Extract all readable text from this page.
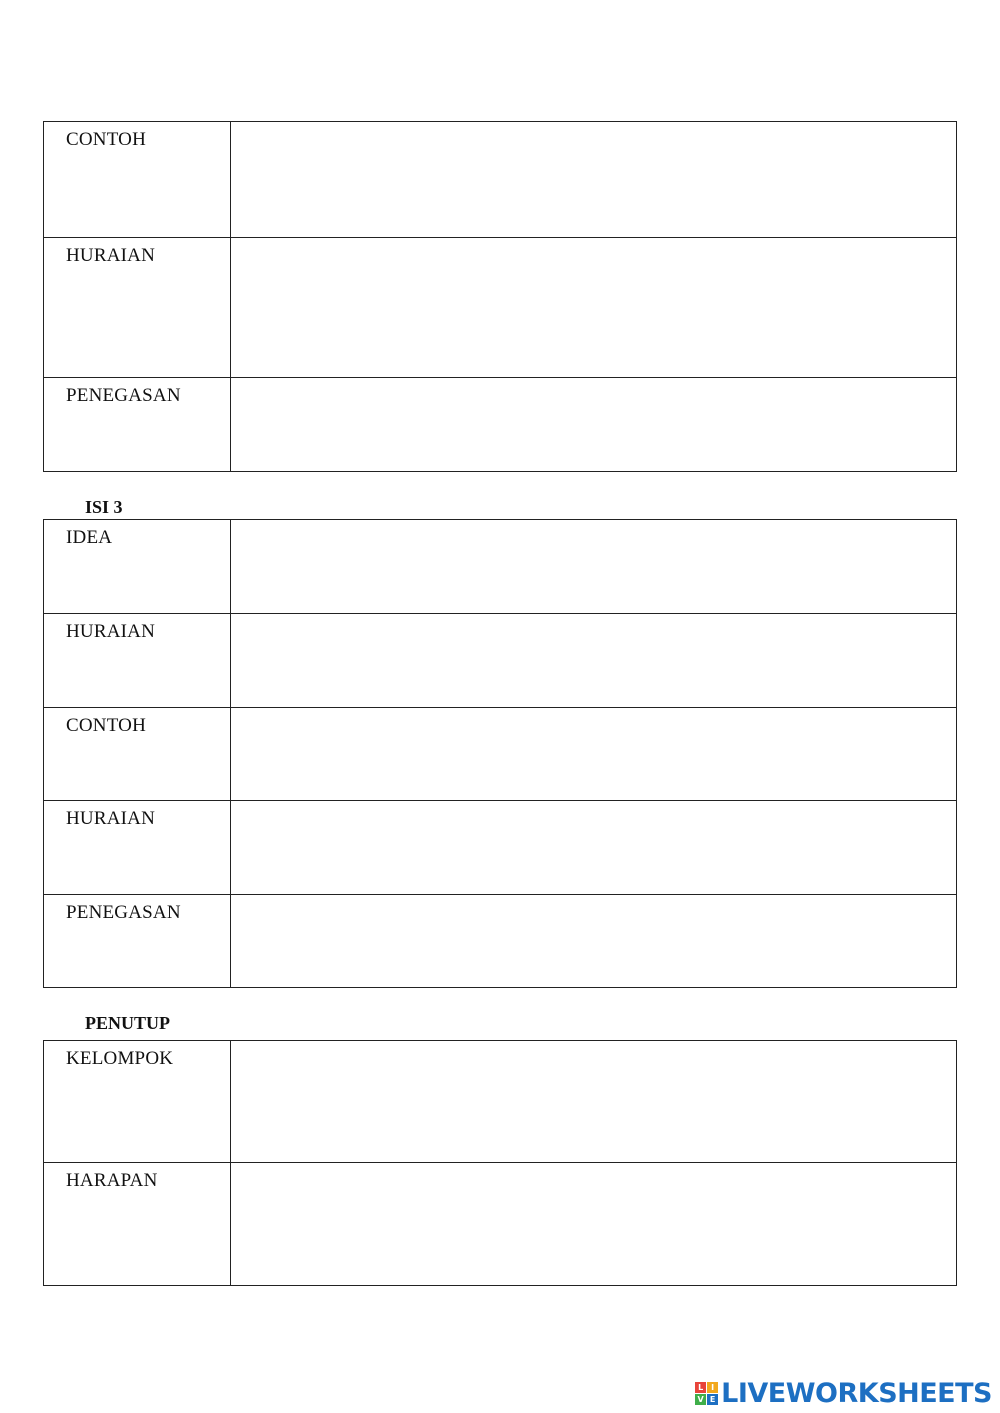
CONTOH	
HURAIAN	
PENEGASAN	
ISI 3
IDEA	
HURAIAN	
CONTOH	
HURAIAN	
PENEGASAN	
PENUTUP
KELOMPOK	
HARAPAN	
L I
V E LIVEWORKSHEETS
